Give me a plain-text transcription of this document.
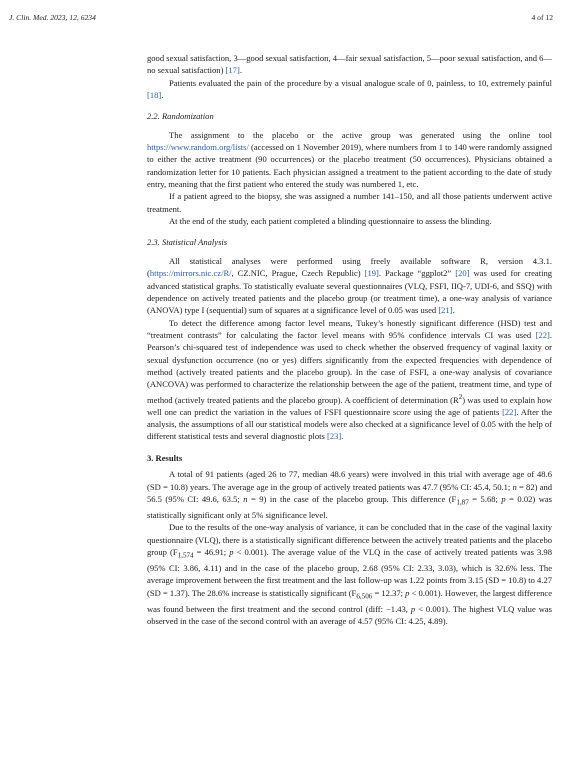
J. Clin. Med. 2023, 12, 6234	4 of 12

good sexual satisfaction, 3—good sexual satisfaction, 4—fair sexual satisfaction, 5—poor sexual satisfaction, and 6—no sexual satisfaction) [17].

Patients evaluated the pain of the procedure by a visual analogue scale of 0, painless, to 10, extremely painful [18].

2.2. Randomization

The assignment to the placebo or the active group was generated using the online tool https://www.random.org/lists/ (accessed on 1 November 2019), where numbers from 1 to 140 were randomly assigned to either the active treatment (90 occurrences) or the placebo treatment (50 occurrences). Physicians obtained a randomization letter for 10 patients. Each physician assigned a treatment to the patient according to the date of study entry, meaning that the first patient who entered the study was numbered 1, etc.

If a patient agreed to the biopsy, she was assigned a number 141–150, and all those patients underwent active treatment.

At the end of the study, each patient completed a blinding questionnaire to assess the blinding.

2.3. Statistical Analysis

All statistical analyses were performed using freely available software R, version 4.3.1. (https://mirrors.nic.cz/R/, CZ.NIC, Prague, Czech Republic) [19]. Package “ggplot2” [20] was used for creating advanced statistical graphs. To statistically evaluate several questionnaires (VLQ, FSFI, IIQ-7, UDI-6, and SSQ) with dependence on actively treated patients and the placebo group (or treatment time), a one-way analysis of variance (ANOVA) type I (sequential) sum of squares at a significance level of 0.05 was used [21].

To detect the difference among factor level means, Tukey’s honestly significant difference (HSD) test and “treatment contrasts” for calculating the factor level means with 95% confidence intervals CI was used [22]. Pearson’s chi-squared test of independence was used to check whether the observed frequency of vaginal laxity or sexual dysfunction occurrence (no or yes) differs significantly from the expected frequencies with dependence of method (actively treated patients and the placebo group). In the case of FSFI, a one-way analysis of covariance (ANCOVA) was performed to characterize the relationship between the age of the patient, treatment time, and type of method (actively treated patients and the placebo group). A coefficient of determination $(R^2)$ was used to explain how well one can predict the variation in the values of FSFI questionnaire score using the age of patients [22]. After the analysis, the assumptions of all our statistical models were also checked at a significance level of 0.05 with the help of different statistical tests and several diagnostic plots [23].

3. Results

A total of 91 patients (aged 26 to 77, median 48.6 years) were involved in this trial with average age of 48.6 (SD = 10.8) years. The average age in the group of actively treated patients was 47.7 (95% CI: 45.4, 50.1; n = 82) and 56.5 (95% CI: 49.6, 63.5; n = 9) in the case of the placebo group. This difference ($F_{1,87} = 5.68$; p = 0.02) was statistically significant only at 5% significance level.

Due to the results of the one-way analysis of variance, it can be concluded that in the case of the vaginal laxity questionnaire (VLQ), there is a statistically significant difference between the actively treated patients and the placebo group ($F_{1,574} = 46.91$; p < 0.001). The average value of the VLQ in the case of actively treated patients was 3.98 (95% CI: 3.86, 4.11) and in the case of the placebo group, 2.68 (95% CI: 2.33, 3.03), which is 32.6% less. The average improvement between the first treatment and the last follow-up was 1.22 points from 3.15 (SD = 10.8) to 4.27 (SD = 1.37). The 28.6% increase is statistically significant ($F_{6,506} = 12.37$; p < 0.001). However, the largest difference was found between the first treatment and the second control (diff: −1.43, p < 0.001). The highest VLQ value was observed in the case of the second control with an average of 4.57 (95% CI: 4.25, 4.89).
